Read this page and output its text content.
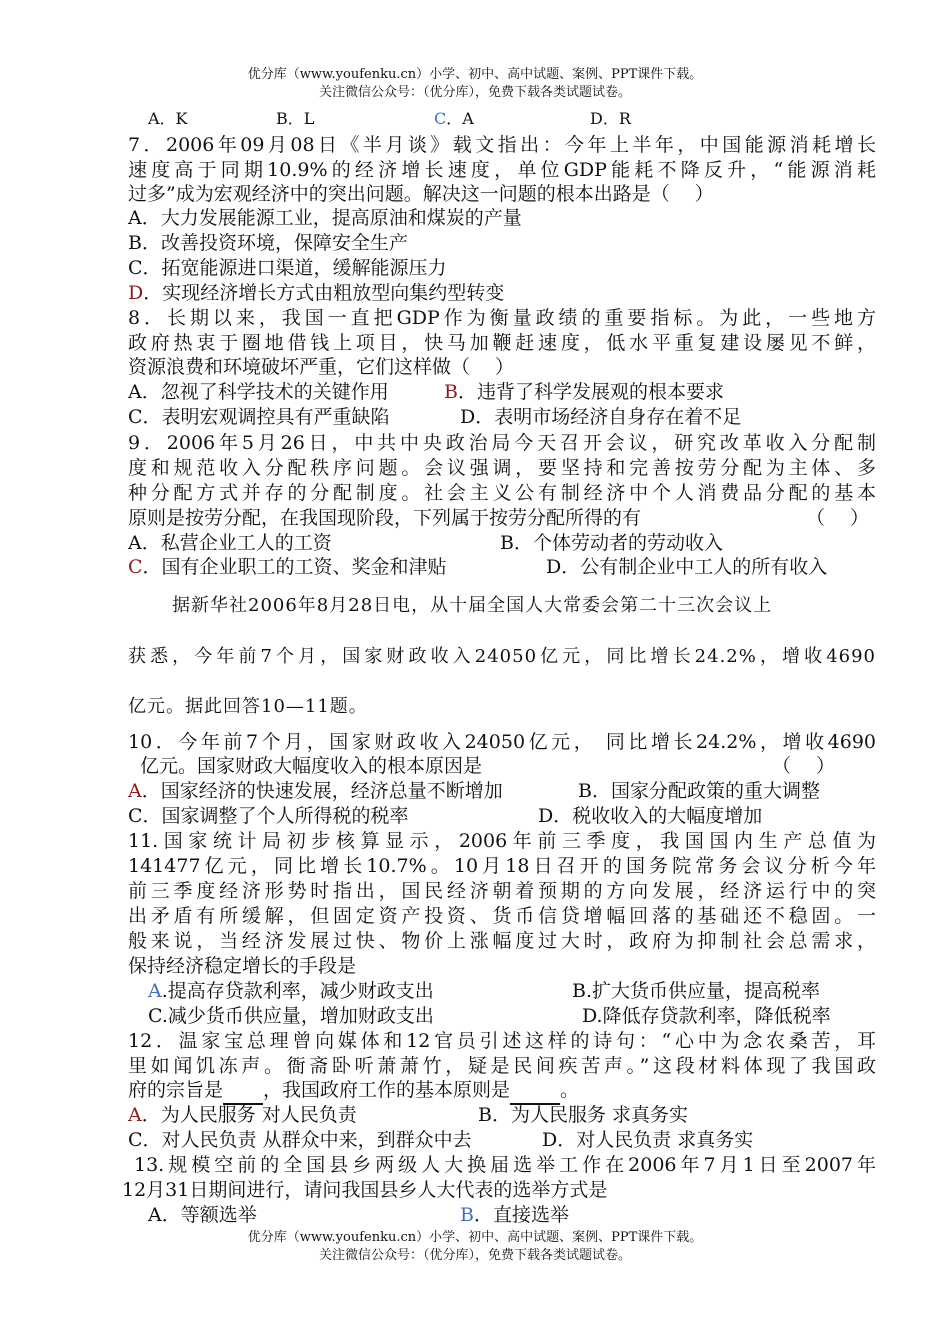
优分库（www.youfenku.cn）小学、初中、高中试题、案例、PPT课件下载。
关注微信公众号：（优分库），免费下载各类试题试卷。
A．K	B．L	C．A	D．R
7．2006年09月08日《半月谈》载文指出：今年上半年，中国能源消耗增长
速度高于同期10.9%的经济增长速度，单位GDP能耗不降反升，“能源消耗
过多”成为宏观经济中的突出问题。解决这一问题的根本出路是（　 ）
A．大力发展能源工业，提高原油和煤炭的产量
B．改善投资环境，保障安全生产
C．拓宽能源进口渠道，缓解能源压力
D．实现经济增长方式由粗放型向集约型转变
8．长期以来，我国一直把GDP作为衡量政绩的重要指标。为此，一些地方
政府热衷于圈地借钱上项目，快马加鞭赶速度，低水平重复建设屡见不鲜，
资源浪费和环境破坏严重，它们这样做（　 ）
A．忽视了科学技术的关键作用	B．违背了科学发展观的根本要求
C．表明宏观调控具有严重缺陷	D．表明市场经济自身存在着不足
9．2006年5月26日，中共中央政治局今天召开会议，研究改革收入分配制
度和规范收入分配秩序问题。会议强调，要坚持和完善按劳分配为主体、多
种分配方式并存的分配制度。社会主义公有制经济中个人消费品分配的基本
原则是按劳分配，在我国现阶段，下列属于按劳分配所得的有	（　 ）
A．私营企业工人的工资	B．个体劳动者的劳动收入
C．国有企业职工的工资、奖金和津贴	D．公有制企业中工人的所有收入
据新华社2006年8月28日电，从十届全国人大常委会第二十三次会议上
获悉，今年前7个月，国家财政收入24050亿元，同比增长24.2%，增收4690
亿元。据此回答10—11题。
10．今年前7个月，国家财政收入24050亿元， 同比增长24.2%，增收4690
亿元。国家财政大幅度收入的根本原因是	（　 ）
A．国家经济的快速发展，经济总量不断增加	B．国家分配政策的重大调整
C．国家调整了个人所得税的税率	D．税收收入的大幅度增加
11.国家统计局初步核算显示，2006年前三季度，我国国内生产总值为
141477亿元，同比增长10.7%。10月18日召开的国务院常务会议分析今年
前三季度经济形势时指出，国民经济朝着预期的方向发展，经济运行中的突
出矛盾有所缓解，但固定资产投资、货币信贷增幅回落的基础还不稳固。一
般来说，当经济发展过快、物价上涨幅度过大时，政府为抑制社会总需求，
保持经济稳定增长的手段是
A.提高存贷款利率，减少财政支出	B.扩大货币供应量，提高税率
C.减少货币供应量，增加财政支出	D.降低存贷款利率，降低税率
12．温家宝总理曾向媒体和12官员引述这样的诗句：“心中为念农桑苦，耳
里如闻饥冻声。衙斋卧听萧萧竹，疑是民间疾苦声。”这段材料体现了我国政
府的宗旨是 ，我国政府工作的基本原则是	。
A．为人民服务 对人民负责	B．为人民服务 求真务实
C．对人民负责 从群众中来，到群众中去	D．对人民负责 求真务实
13.规模空前的全国县乡两级人大换届选举工作在2006年7月1日至2007年
12月31日期间进行，请问我国县乡人大代表的选举方式是
A．等额选举	B．直接选举
优分库（www.youfenku.cn）小学、初中、高中试题、案例、PPT课件下载。
关注微信公众号：（优分库），免费下载各类试题试卷。
